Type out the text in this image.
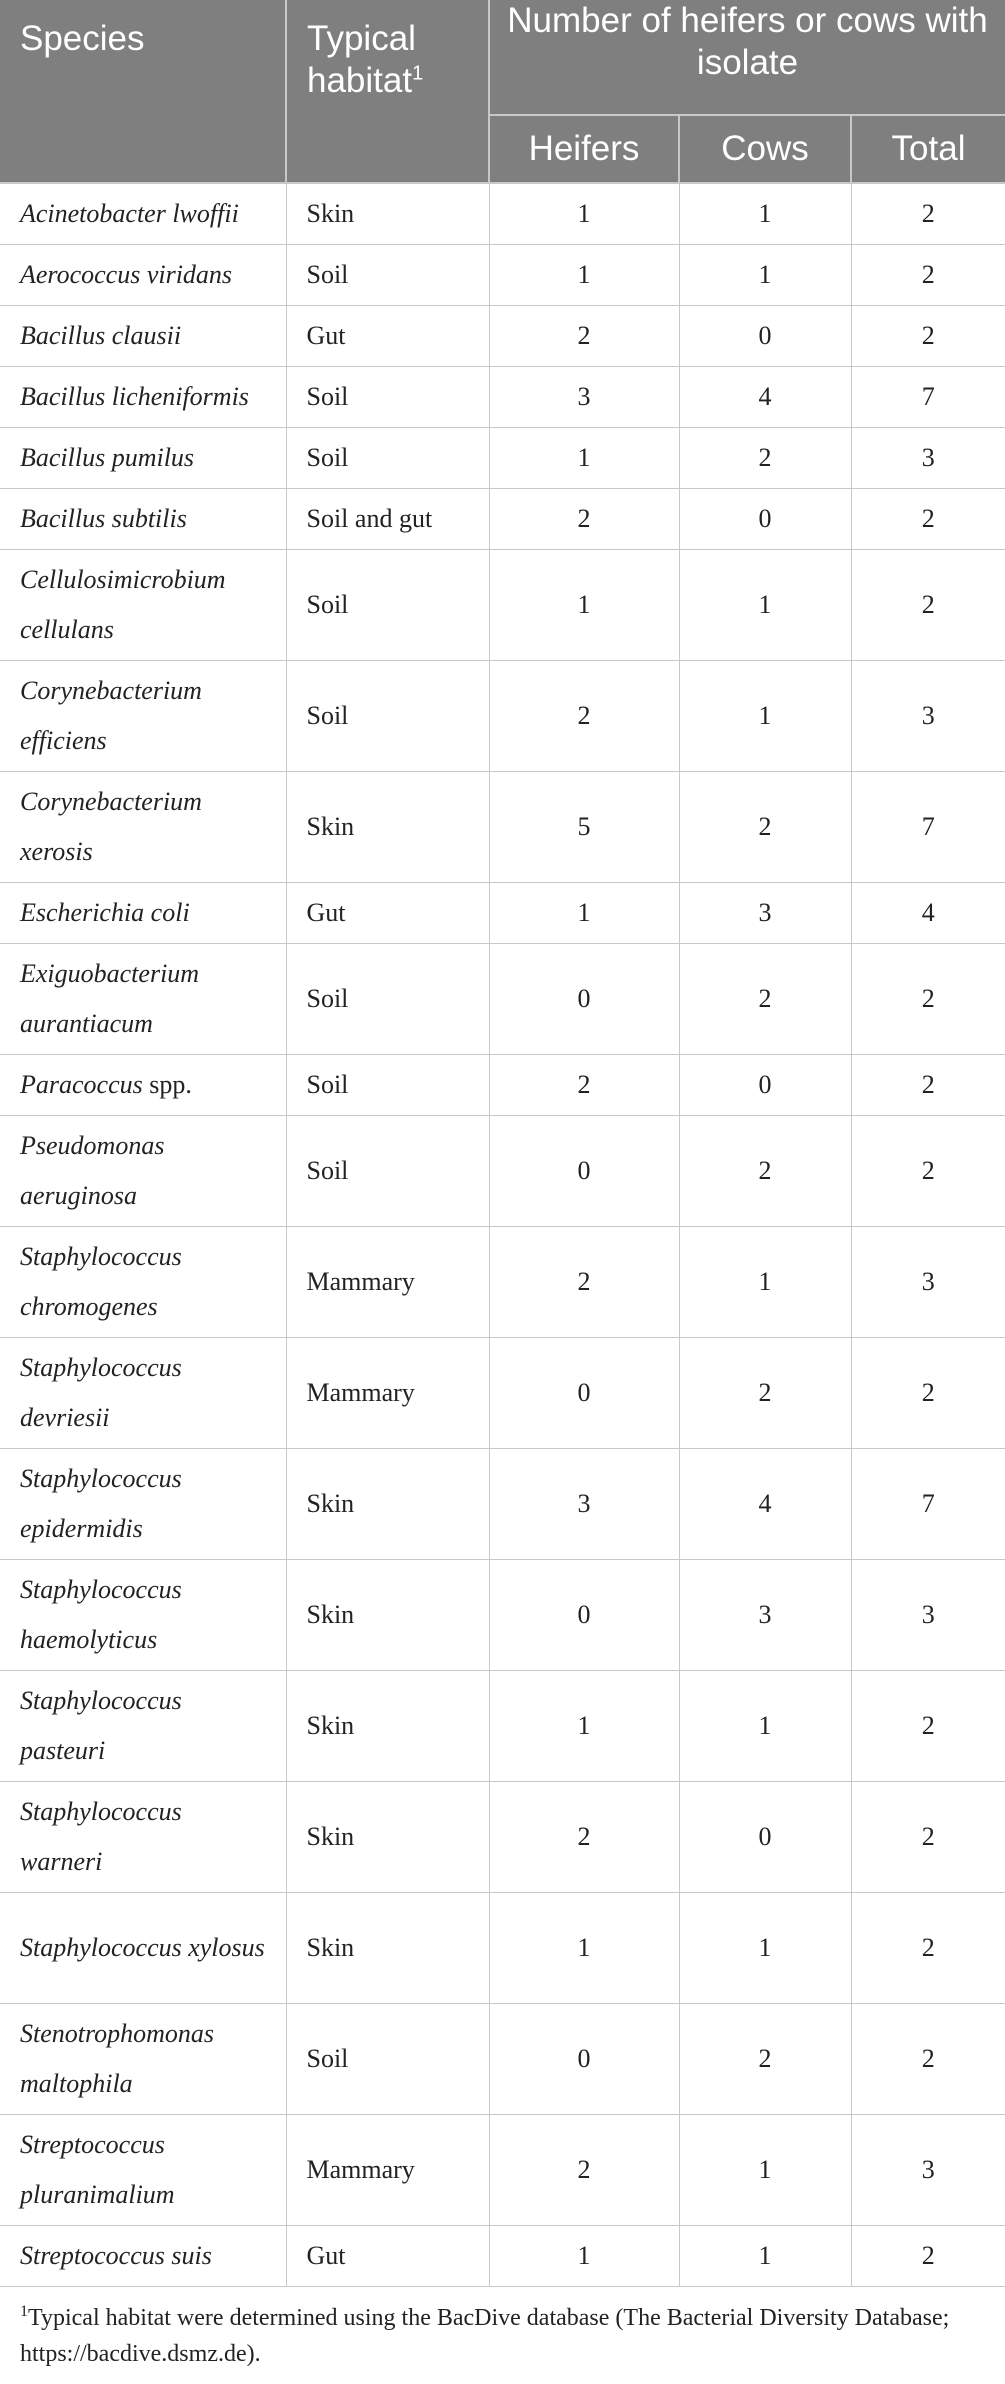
Species	Typical habitat$^1$	Number of heifers or cows with isolate		
		Heifers	Cows	Total
Acinetobacter lwoffii	Skin	1	1	2
Aerococcus viridans	Soil	1	1	2
Bacillus clausii	Gut	2	0	2
Bacillus licheniformis	Soil	3	4	7
Bacillus pumilus	Soil	1	2	3
Bacillus subtilis	Soil and gut	2	0	2
Cellulosimicrobium cellulans	Soil	1	1	2
Corynebacterium efficiens	Soil	2	1	3
Corynebacterium xerosis	Skin	5	2	7
Escherichia coli	Gut	1	3	4
Exiguobacterium aurantiacum	Soil	0	2	2
Paracoccus spp.	Soil	2	0	2
Pseudomonas aeruginosa	Soil	0	2	2
Staphylococcus chromogenes	Mammary	2	1	3
Staphylococcus devriesii	Mammary	0	2	2
Staphylococcus epidermidis	Skin	3	4	7
Staphylococcus haemolyticus	Skin	0	3	3
Staphylococcus pasteuri	Skin	1	1	2
Staphylococcus warneri	Skin	2	0	2
Staphylococcus xylosus	Skin	1	1	2
Stenotrophomonas maltophila	Soil	0	2	2
Streptococcus pluranimalium	Mammary	2	1	3
Streptococcus suis	Gut	1	1	2
$^1$Typical habitat were determined using the BacDive database (The Bacterial Diversity Database; https://bacdive.dsmz.de).
